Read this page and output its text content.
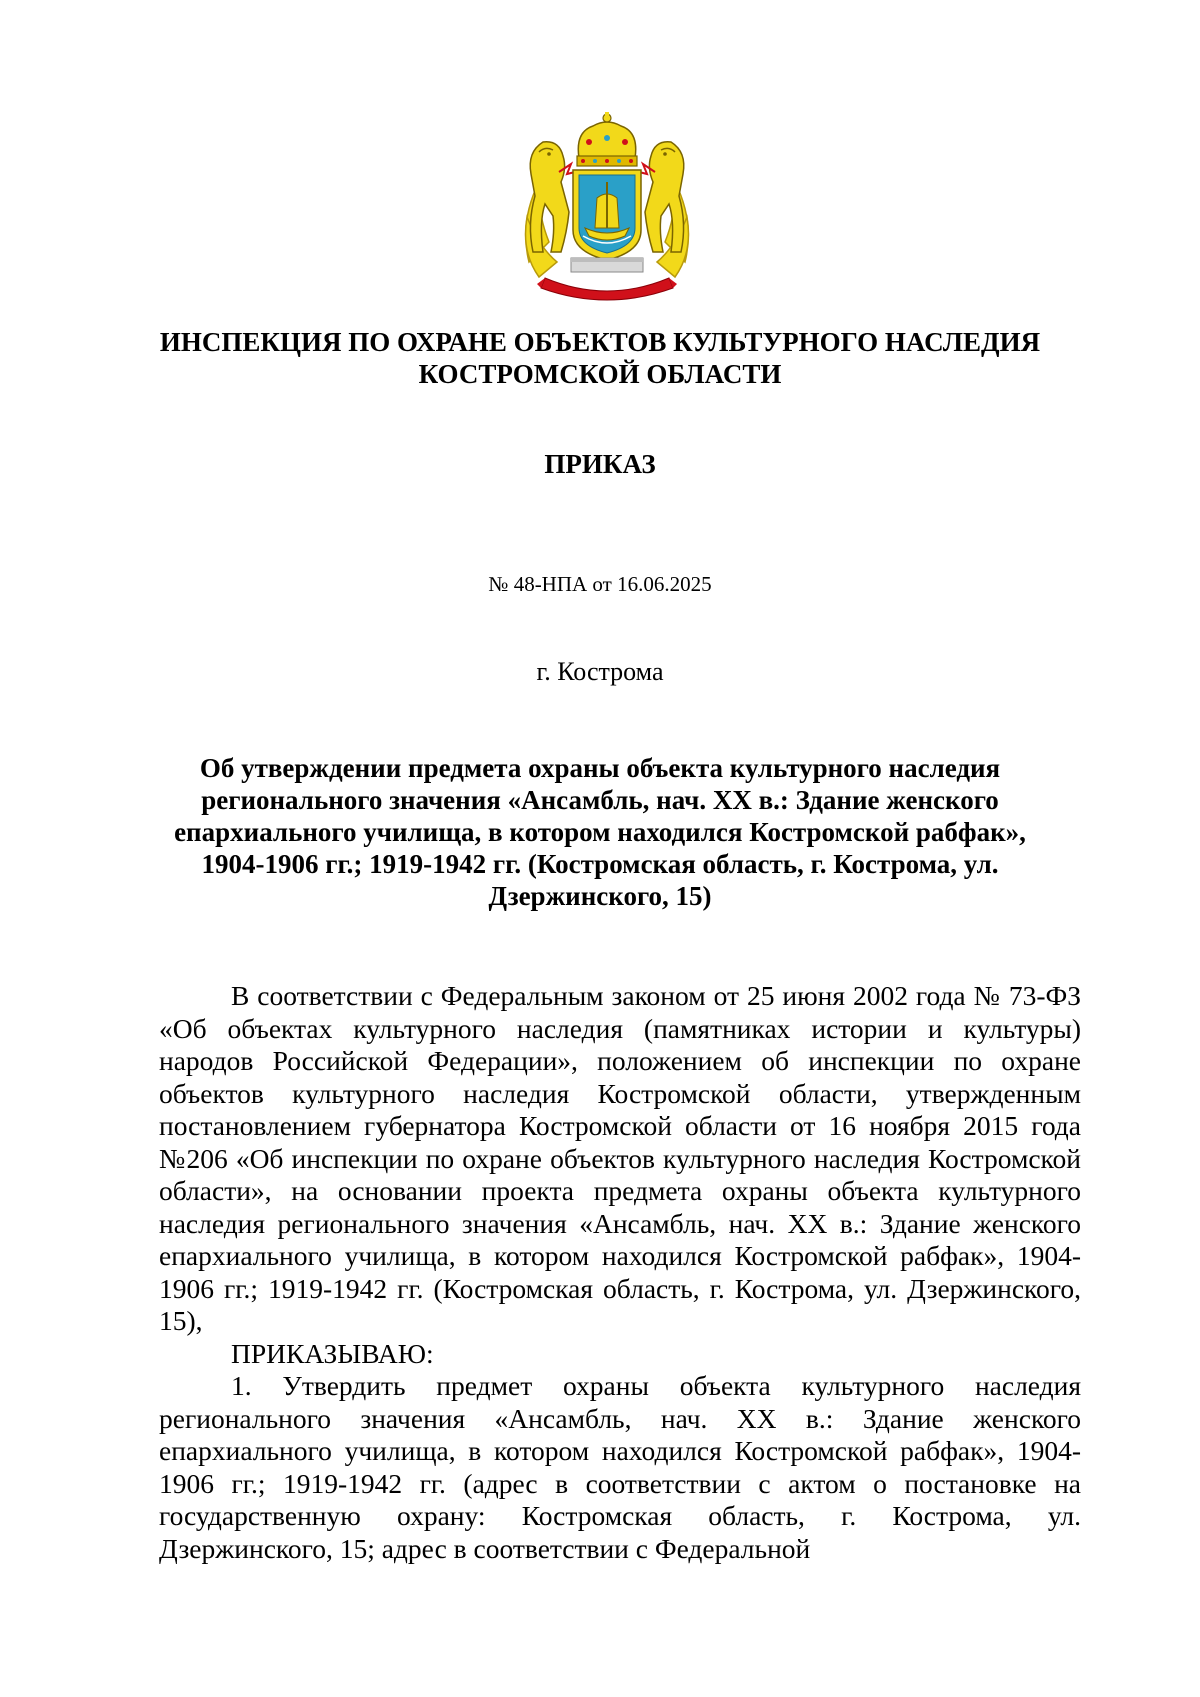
ИНСПЕКЦИЯ ПО ОХРАНЕ ОБЪЕКТОВ КУЛЬТУРНОГО НАСЛЕДИЯ КОСТРОМСКОЙ ОБЛАСТИ
ПРИКАЗ
№ 48-НПА от 16.06.2025
г. Кострома
Об утверждении предмета охраны объекта культурного наследия регионального значения «Ансамбль, нач. XX в.: Здание женского епархиального училища, в котором находился Костромской рабфак», 1904-1906 гг.; 1919-1942 гг. (Костромская область, г. Кострома, ул. Дзержинского, 15)

В соответствии с Федеральным законом от 25 июня 2002 года № 73-ФЗ «Об объектах культурного наследия (памятниках истории и культуры) народов Российской Федерации», положением об инспекции по охране объектов культурного наследия Костромской области, утвержденным постановлением губернатора Костромской области от 16 ноября 2015 года №206 «Об инспекции по охране объектов культурного наследия Костромской области», на основании проекта предмета охраны объекта культурного наследия регионального значения «Ансамбль, нач. XX в.: Здание женского епархиального училища, в котором находился Костромской рабфак», 1904-1906 гг.; 1919-1942 гг. (Костромская область, г. Кострома, ул. Дзержинского, 15),

ПРИКАЗЫВАЮ:

1. Утвердить предмет охраны объекта культурного наследия регионального значения «Ансамбль, нач. XX в.: Здание женского епархиального училища, в котором находился Костромской рабфак», 1904-1906 гг.; 1919-1942 гг. (адрес в соответствии с актом о постановке на государственную охрану: Костромская область, г. Кострома, ул. Дзержинского, 15; адрес в соответствии с Федеральной
